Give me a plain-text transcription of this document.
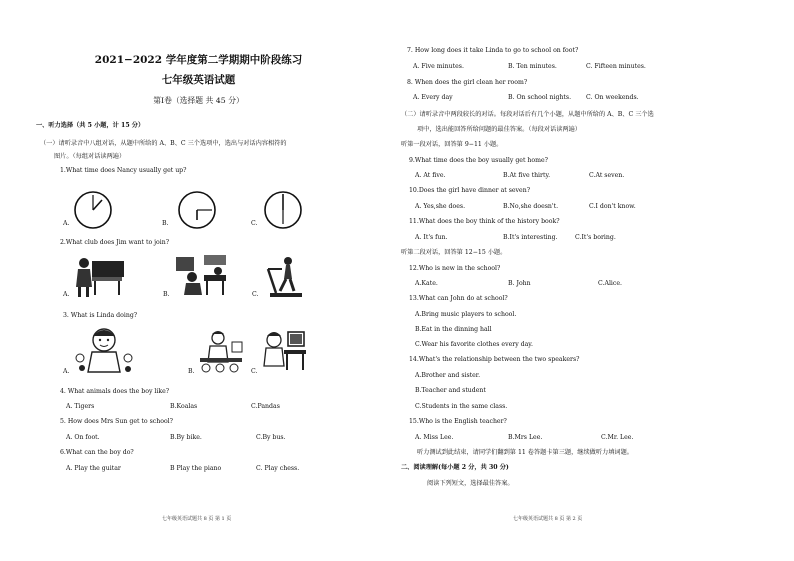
2021−2022 学年度第二学期期中阶段练习
七年级英语试题
第Ⅰ卷（选择题 共 45 分）
一、听力选择（共 5 小题，计 15 分）
（一）请听录音中八组对话，从题中所给的 A、B、C 三个选项中，选出与对话内容相符的
图片。（每组对话读两遍）
1.What time does Nancy usually get up?
A.	B.	C.
2.What club does Jim want to join?
A.	B.	C.
3. What is Linda doing?
A.	B.	C.
4. What animals does the boy like?
A. Tigers	B.Koalas	C.Pandas
5. How does Mrs Sun get to school?
A. On foot.	B.By bike.	C.By bus.
6.What can the boy do?
A. Play the guitar	B Play the piano	C. Play chess.
七年级英语试题共 8 页 第 1 页
7. How long does it take Linda to go to school on foot?
A. Five minutes.	B. Ten minutes.	C. Fifteen minutes.
8. When does the girl clean her room?
A. Every day	B. On school nights. C. On weekends.
（二）请听录音中两段较长的对话。每段对话后有几个小题，从题中所给的 A、B、C 三个选
项中，选出能回答所给问题的最佳答案。（每段对话读两遍）
听第一段对话，回答第 9−11 小题。
9.What time does the boy usually get home?
A. At five.	B.At five thirty.	C.At seven.
10.Does the girl have dinner at seven?
A. Yes,she does.	B.No,she doesn't.	C.I don't know.
11.What does the boy think of the history book?
A. It's fun.	B.It's interesting.	C.It's boring.
听第二段对话，回答第 12−15 小题。
12.Who is new in the school?
A.Kate.	B. John	C.Alice.
13.What can John do at school?
A.Bring music players to school.
B.Eat in the dinning hall
C.Wear his favorite clothes every day.
14.What's the relationship between the two speakers?
A.Brother and sister.
B.Teacher and student
C.Students in the same class.
15.Who is the English teacher?
A. Miss Lee.	B.Mrs Lee.	C.Mr. Lee.
听力测试到此结束，请同学们翻到第 11 卷答题卡第三题，继续做听力填词题。
二、阅读理解(每小题 2 分，共 30 分)
阅读下列短文，选择最佳答案。
七年级英语试题共 8 页 第 2 页
